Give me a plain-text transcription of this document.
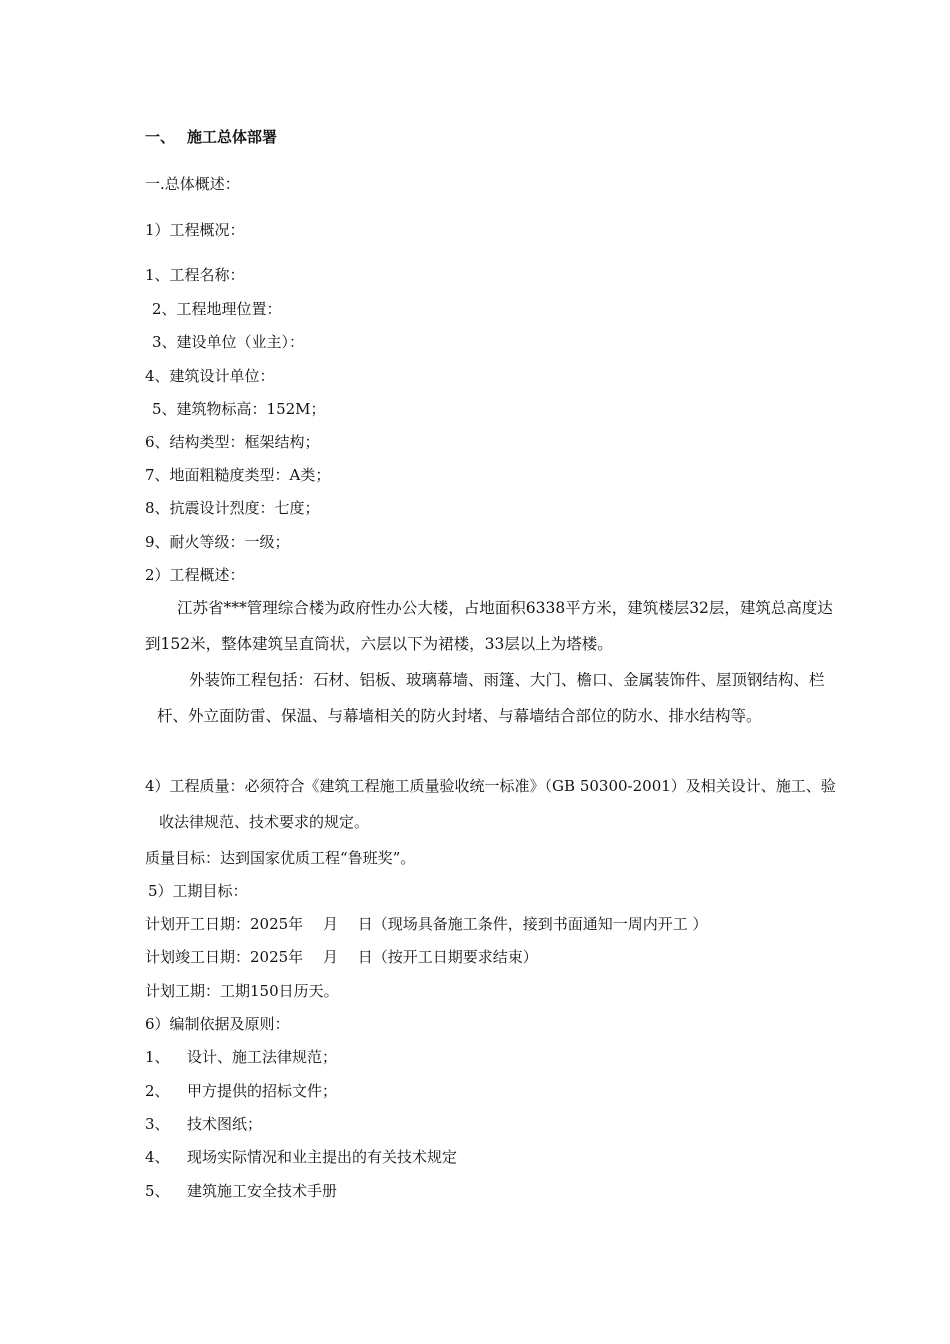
一、 施工总体部署
一.总体概述：
1）工程概况：
1、工程名称：
2、工程地理位置：
3、建设单位（业主）：
4、建筑设计单位：
5、建筑物标高：152M；
6、结构类型：框架结构；
7、地面粗糙度类型：A类；
8、抗震设计烈度：七度；
9、耐火等级：一级；
2）工程概述：
江苏省***管理综合楼为政府性办公大楼，占地面积6338平方米，建筑楼层32层，建筑总高度达到152米，整体建筑呈直筒状，六层以下为裙楼，33层以上为塔楼。
外装饰工程包括：石材、铝板、玻璃幕墙、雨篷、大门、檐口、金属装饰件、屋顶钢结构、栏杆、外立面防雷、保温、与幕墙相关的防火封堵、与幕墙结合部位的防水、排水结构等。
4）工程质量：必须符合《建筑工程施工质量验收统一标准》（GB 50300-2001）及相关设计、施工、验收法律规范、技术要求的规定。
质量目标：达到国家优质工程“鲁班奖”。
5）工期目标：
计划开工日期：2025年　 月　 日（现场具备施工条件，接到书面通知一周内开工 ）
计划竣工日期：2025年　 月　 日（按开工日期要求结束）
计划工期：工期150日历天。
6）编制依据及原则：
1、 设计、施工法律规范；
2、 甲方提供的招标文件；
3、 技术图纸；
4、 现场实际情况和业主提出的有关技术规定
5、 建筑施工安全技术手册
